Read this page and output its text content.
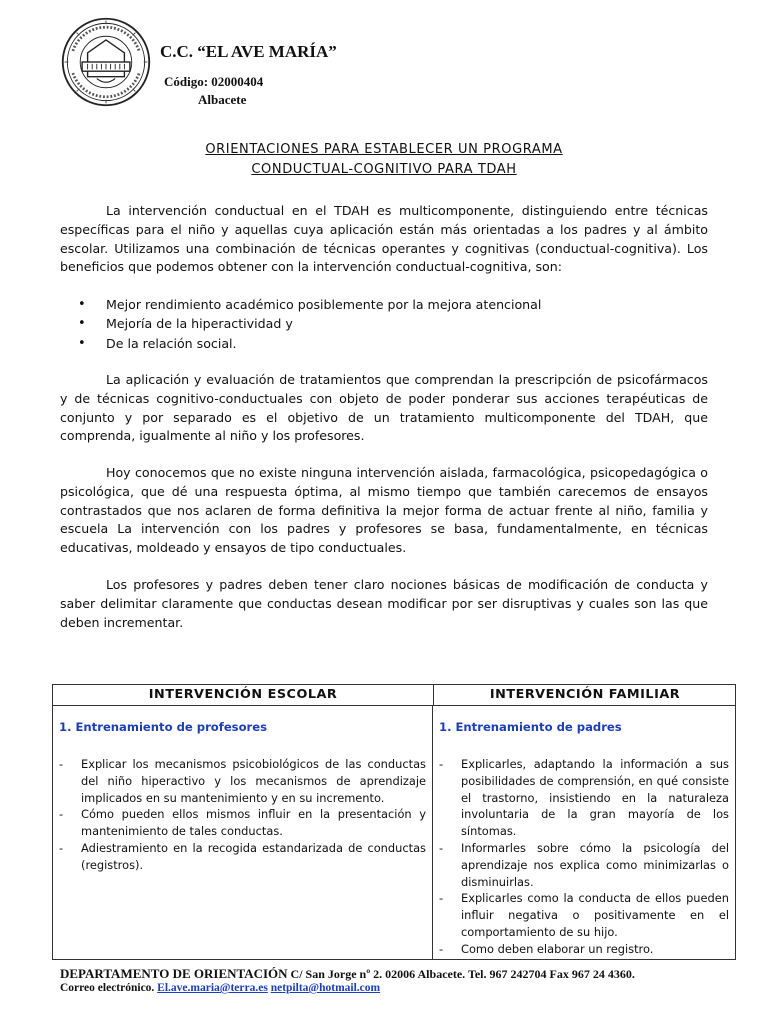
C.C. “EL AVE MARÍA”
Código: 02000404
Albacete
ORIENTACIONES PARA ESTABLECER UN PROGRAMA
CONDUCTUAL-COGNITIVO PARA TDAH

La intervención conductual en el TDAH es multicomponente, distinguiendo entre técnicas específicas para el niño y aquellas cuya aplicación están más orientadas a los padres y al ámbito escolar. Utilizamos una combinación de técnicas operantes y cognitivas (conductual-cognitiva). Los beneficios que podemos obtener con la intervención conductual-cognitiva, son:

• Mejor rendimiento académico posiblemente por la mejora atencional
• Mejoría de la hiperactividad y
• De la relación social.

La aplicación y evaluación de tratamientos que comprendan la prescripción de psicofármacos y de técnicas cognitivo-conductuales con objeto de poder ponderar sus acciones terapéuticas de conjunto y por separado es el objetivo de un tratamiento multicomponente del TDAH, que comprenda, igualmente al niño y los profesores.

Hoy conocemos que no existe ninguna intervención aislada, farmacológica, psicopedagógica o psicológica, que dé una respuesta óptima, al mismo tiempo que también carecemos de ensayos contrastados que nos aclaren de forma definitiva la mejor forma de actuar frente al niño, familia y escuela La intervención con los padres y profesores se basa, fundamentalmente, en técnicas educativas, moldeado y ensayos de tipo conductuales.

Los profesores y padres deben tener claro nociones básicas de modificación de conducta y saber delimitar claramente que conductas desean modificar por ser disruptivas y cuales son las que deben incrementar.

INTERVENCIÓN ESCOLAR	INTERVENCIÓN FAMILIAR
1. Entrenamiento de profesores
- Explicar los mecanismos psicobiológicos de las conductas del niño hiperactivo y los mecanismos de aprendizaje implicados en su mantenimiento y en su incremento.
- Cómo pueden ellos mismos influir en la presentación y mantenimiento de tales conductas.
- Adiestramiento en la recogida estandarizada de conductas (registros).
1. Entrenamiento de padres
- Explicarles, adaptando la información a sus posibilidades de comprensión, en qué consiste el trastorno, insistiendo en la naturaleza involuntaria de la gran mayoría de los síntomas.
- Informarles sobre cómo la psicología del aprendizaje nos explica como minimizarlas o disminuirlas.
- Explicarles como la conducta de ellos pueden influir negativa o positivamente en el comportamiento de su hijo.
- Como deben elaborar un registro.
DEPARTAMENTO DE ORIENTACIÓN C/ San Jorge nº 2. 02006 Albacete. Tel. 967 242704 Fax 967 24 4360.
Correo electrónico. El.ave.maria@terra.es netpilta@hotmail.com
